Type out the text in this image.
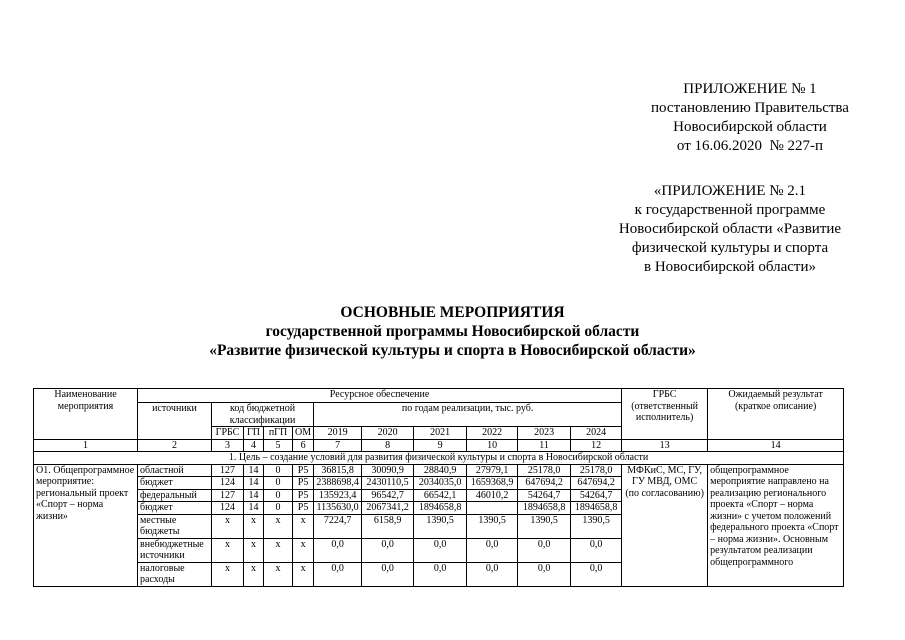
ПРИЛОЖЕНИЕ № 1
постановлению Правительства
Новосибирской области
от 16.06.2020  № 227-п
«ПРИЛОЖЕНИЕ № 2.1
к государственной программе
Новосибирской области «Развитие
физической культуры и спорта
в Новосибирской области»
ОСНОВНЫЕ МЕРОПРИЯТИЯ
государственной программы Новосибирской области
«Развитие физической культуры и спорта в Новосибирской области»
Наименование мероприятия	Ресурсное обеспечение											ГРБС (ответственный исполнитель)	Ожидаемый результат (краткое описание)
	источники	код бюджетной классификации				по годам реализации, тыс. руб.							
		ГРБС	ГП	пГП	ОМ	2019	2020	2021	2022	2023	2024		
1	2	3	4	5	6	7	8	9	10	11	12	13	14
1. Цель – создание условий для развития физической культуры и спорта в Новосибирской области													
О1. Общепрограммное мероприятие: региональный проект «Спорт – норма жизни»	областной	127	14	0	Р5	36815,8	30090,9	28840,9	27979,1	25178,0	25178,0	МФКиС, МС, ГУ, ГУ МВД, ОМС (по согласованию)	общепрограммное мероприятие направлено на реализацию регионального проекта «Спорт – норма жизни» с учетом положений федерального проекта «Спорт – норма жизни». Основным результатом реализации общепрограммного
	бюджет	124	14	0	Р5	2388698,4	2430110,5	2034035,0	1659368,9	647694,2	647694,2		
	федеральный	127	14	0	Р5	135923,4	96542,7	66542,1	46010,2	54264,7	54264,7		
	бюджет	124	14	0	Р5	1135630,0	2067341,2	1894658,8		1894658,8	1894658,8		
	местные бюджеты	х	х	х	х	7224,7	6158,9	1390,5	1390,5	1390,5	1390,5		
	внебюджетные источники	х	х	х	х	0,0	0,0	0,0	0,0	0,0	0,0		
	налоговые расходы	х	х	х	х	0,0	0,0	0,0	0,0	0,0	0,0		
